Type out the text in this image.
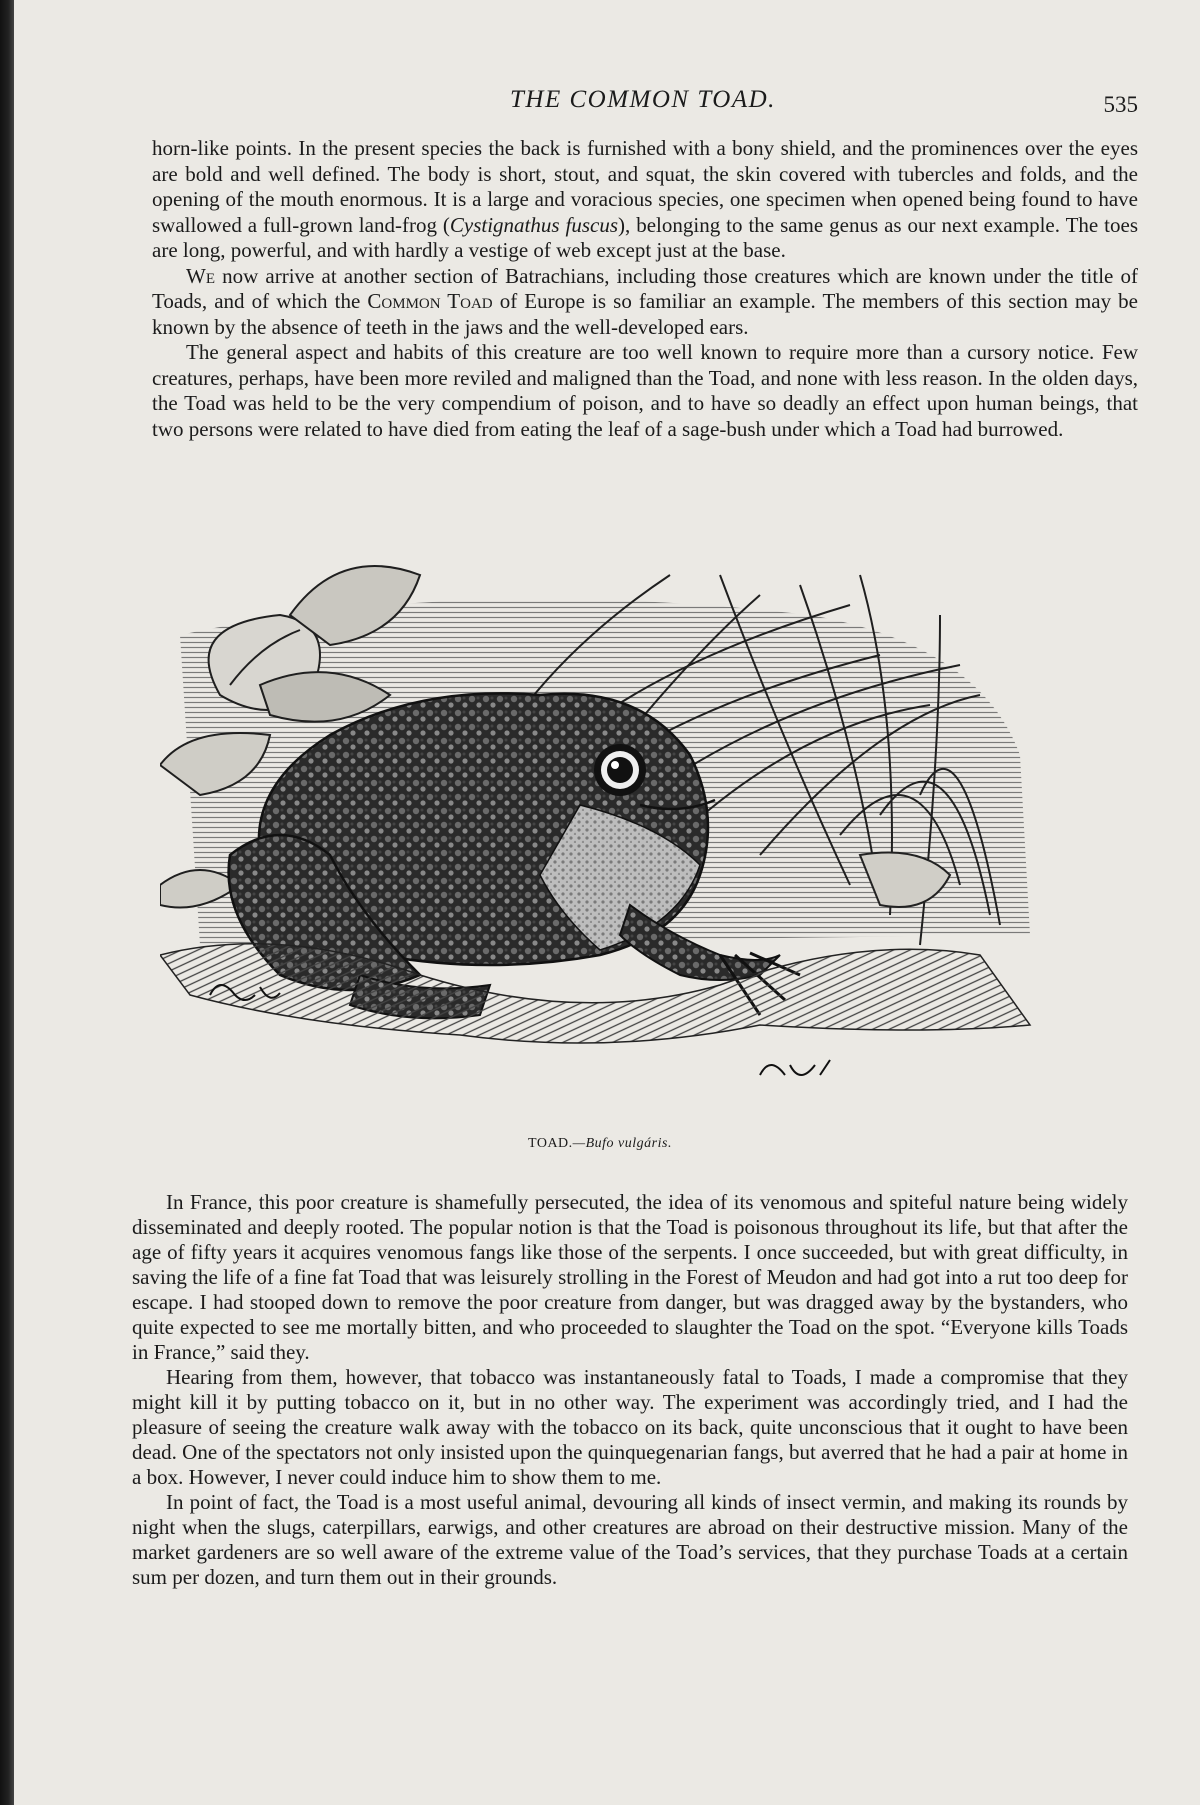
THE COMMON TOAD.	535

horn-like points. In the present species the back is furnished with a bony shield, and the prominences over the eyes are bold and well defined. The body is short, stout, and squat, the skin covered with tubercles and folds, and the opening of the mouth enormous. It is a large and voracious species, one specimen when opened being found to have swallowed a full-grown land-frog (Cystignathus fuscus), belonging to the same genus as our next example. The toes are long, powerful, and with hardly a vestige of web except just at the base.

We now arrive at another section of Batrachians, including those creatures which are known under the title of Toads, and of which the Common Toad of Europe is so familiar an example. The members of this section may be known by the absence of teeth in the jaws and the well-developed ears.

The general aspect and habits of this creature are too well known to require more than a cursory notice. Few creatures, perhaps, have been more reviled and maligned than the Toad, and none with less reason. In the olden days, the Toad was held to be the very compendium of poison, and to have so deadly an effect upon human beings, that two persons were related to have died from eating the leaf of a sage-bush under which a Toad had burrowed.

TOAD.—Bufo vulgáris.

In France, this poor creature is shamefully persecuted, the idea of its venomous and spiteful nature being widely disseminated and deeply rooted. The popular notion is that the Toad is poisonous throughout its life, but that after the age of fifty years it acquires venomous fangs like those of the serpents. I once succeeded, but with great difficulty, in saving the life of a fine fat Toad that was leisurely strolling in the Forest of Meudon and had got into a rut too deep for escape. I had stooped down to remove the poor creature from danger, but was dragged away by the bystanders, who quite expected to see me mortally bitten, and who proceeded to slaughter the Toad on the spot. “Everyone kills Toads in France,” said they.

Hearing from them, however, that tobacco was instantaneously fatal to Toads, I made a compromise that they might kill it by putting tobacco on it, but in no other way. The experiment was accordingly tried, and I had the pleasure of seeing the creature walk away with the tobacco on its back, quite unconscious that it ought to have been dead. One of the spectators not only insisted upon the quinquegenarian fangs, but averred that he had a pair at home in a box. However, I never could induce him to show them to me.

In point of fact, the Toad is a most useful animal, devouring all kinds of insect vermin, and making its rounds by night when the slugs, caterpillars, earwigs, and other creatures are abroad on their destructive mission. Many of the market gardeners are so well aware of the extreme value of the Toad’s services, that they purchase Toads at a certain sum per dozen, and turn them out in their grounds.
